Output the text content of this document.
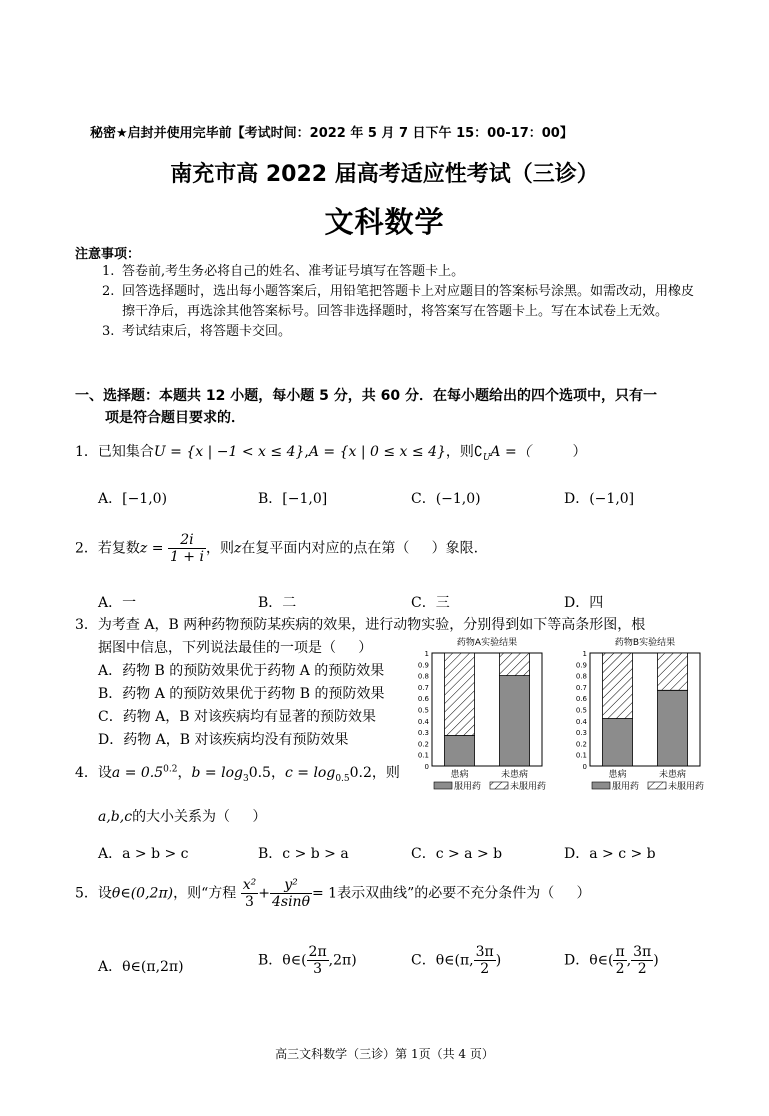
秘密★启封并使用完毕前【考试时间：2022 年 5 月 7 日下午 15：00-17：00】
南充市高 2022 届高考适应性考试（三诊）
文科数学
注意事项：
1. 答卷前,考生务必将自己的姓名、准考证号填写在答题卡上。
2. 回答选择题时，选出每小题答案后，用铅笔把答题卡上对应题目的答案标号涂黑。如需改动，用橡皮擦干净后，再选涂其他答案标号。回答非选择题时，将答案写在答题卡上。写在本试卷上无效。
3. 考试结束后，将答题卡交回。
一、选择题：本题共 12 小题，每小题 5 分，共 60 分．在每小题给出的四个选项中，只有一
项是符合题目要求的．
1．已知集合U = {x | −1 < x ≤ 4},A = {x | 0 ≤ x ≤ 4}，则$∁_UA$ =（	）
A．[−1,0)	B．[−1,0]	C．(−1,0)	D．(−1,0]
2．若复数$z = \frac{2i}{1 + i}$ ，则z在复平面内对应的点在第（ ）象限.
A．一	B．二	C．三	D．四
3．为考查 A，B 两种药物预防某疾病的效果，进行动物实验，分别得到如下等高条形图，根
据图中信息，下列说法最佳的一项是（ ）
A．药物 B 的预防效果优于药物 A 的预防效果
B．药物 A 的预防效果优于药物 B 的预防效果
C．药物 A，B 对该疾病均有显著的预防效果
D．药物 A，B 对该疾病均没有预防效果
药物A实验结果
0
0.1
0.2
0.3
0.4
0.5
0.6
0.7
0.8
0.9
1
患病	未患病
服用药	未服用药
药物B实验结果
0
0.1
0.2
0.3
0.4
0.5
0.6
0.7
0.8
0.9
1
患病	未患病
服用药	未服用药
4．设$a = 0.5^{0.2}$，$b = \log_30.5$，$c = \log_{0.5}0.2$，则
a,b,c的大小关系为（ ）
A．a > b > c	B．c > b > a	C．c > a > b	D．a > c > b
5．设θ∈(0,2π)，则“方程 $\frac{\text{x²}}{3} + \frac{\text{y²}}{4\sin\theta} = 1$表示双曲线”的必要不充分条件为（ ）
A．θ∈(π,2π)	B．θ∈( $\frac{2\pi}{3} ,2\pi$)	C．θ∈(π, $\frac{3\pi}{2}$ )	D．θ∈( $\frac{\pi}{2}$ , $\frac{3\pi}{2}$ )
高三文科数学（三诊）第 1页（共 4 页）
